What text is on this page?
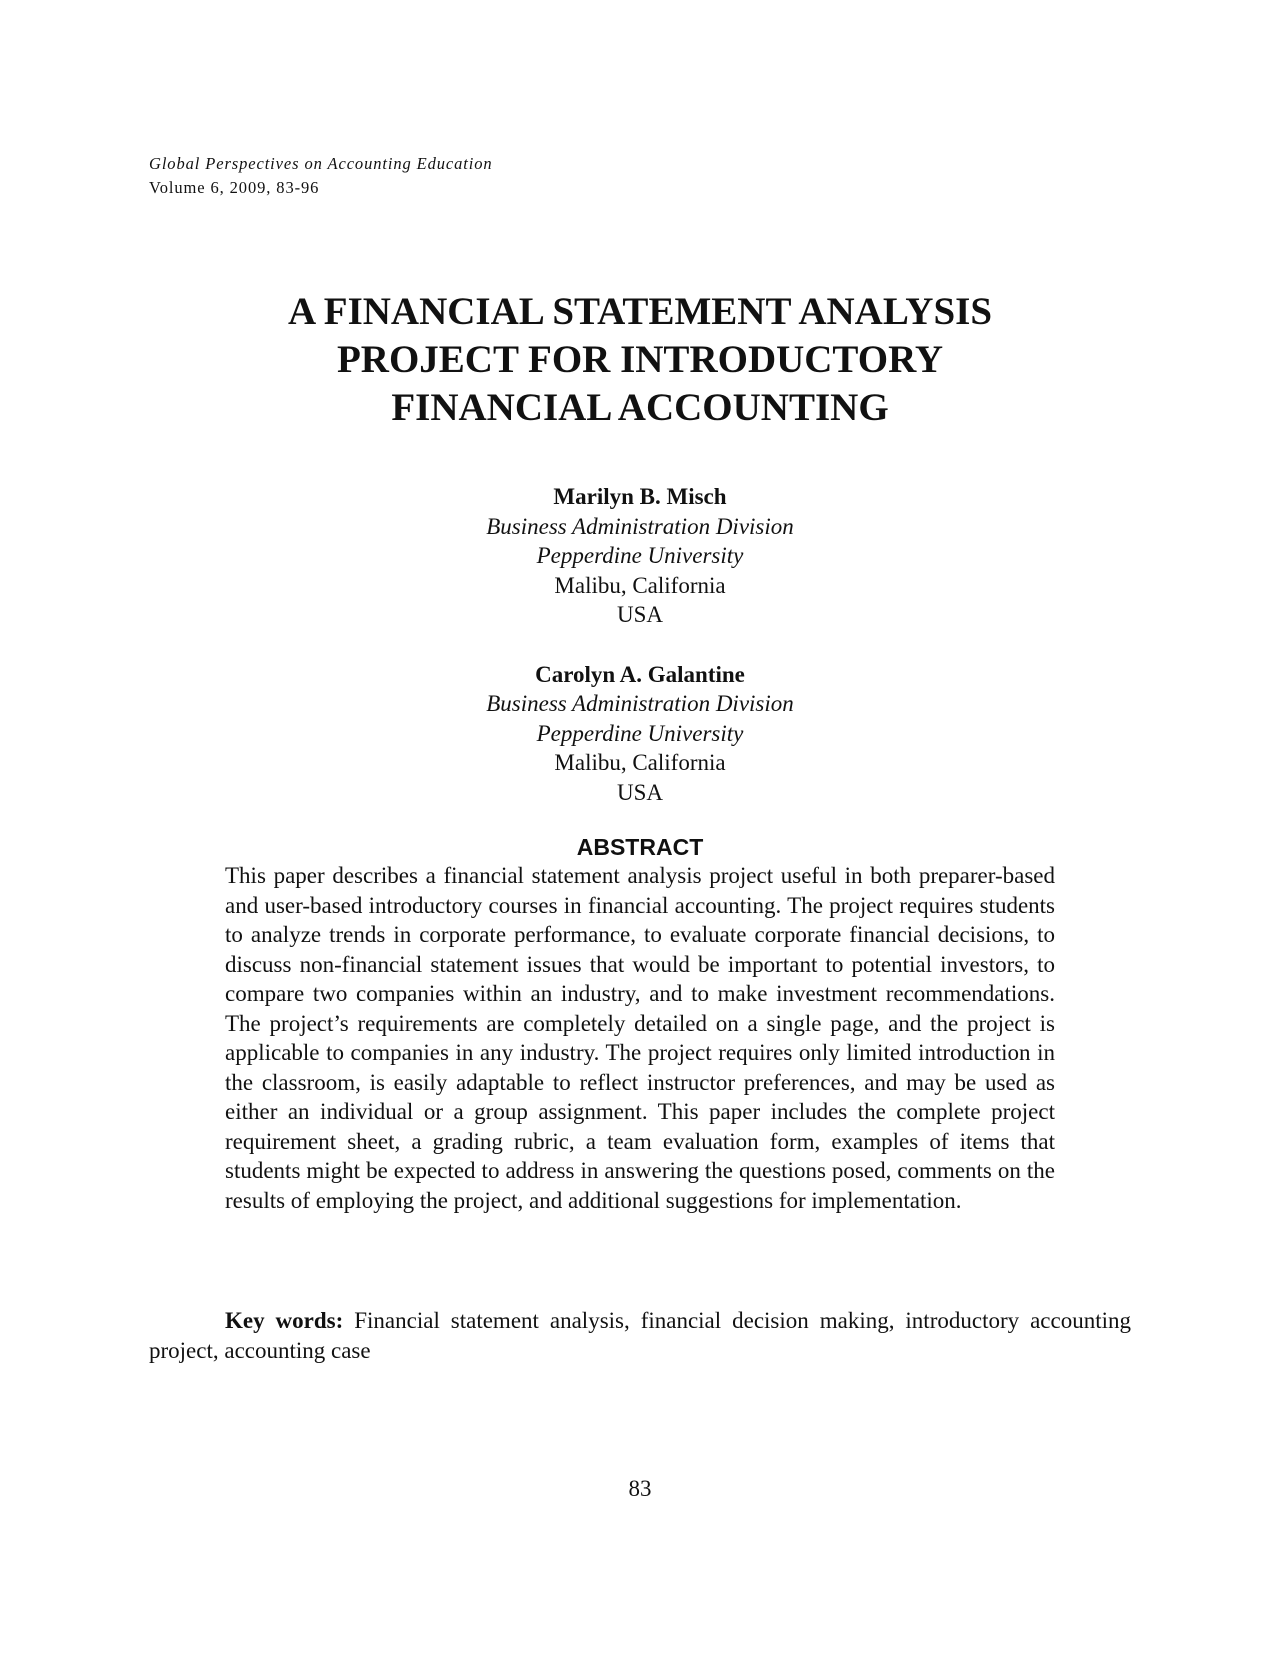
Global Perspectives on Accounting Education
Volume 6, 2009, 83-96
A FINANCIAL STATEMENT ANALYSIS
PROJECT FOR INTRODUCTORY
FINANCIAL ACCOUNTING
Marilyn B. Misch
Business Administration Division
Pepperdine University
Malibu, California
USA
Carolyn A. Galantine
Business Administration Division
Pepperdine University
Malibu, California
USA
ABSTRACT
This paper describes a financial statement analysis project useful in both preparer-based and user-based introductory courses in financial accounting. The project requires students to analyze trends in corporate performance, to evaluate corporate financial decisions, to discuss non-financial statement issues that would be important to potential investors, to compare two companies within an industry, and to make investment recommendations. The project’s requirements are completely detailed on a single page, and the project is applicable to companies in any industry. The project requires only limited introduction in the classroom, is easily adaptable to reflect instructor preferences, and may be used as either an individual or a group assignment. This paper includes the complete project requirement sheet, a grading rubric, a team evaluation form, examples of items that students might be expected to address in answering the questions posed, comments on the results of employing the project, and additional suggestions for implementation.
Key words: Financial statement analysis, financial decision making, introductory accounting project, accounting case
83
